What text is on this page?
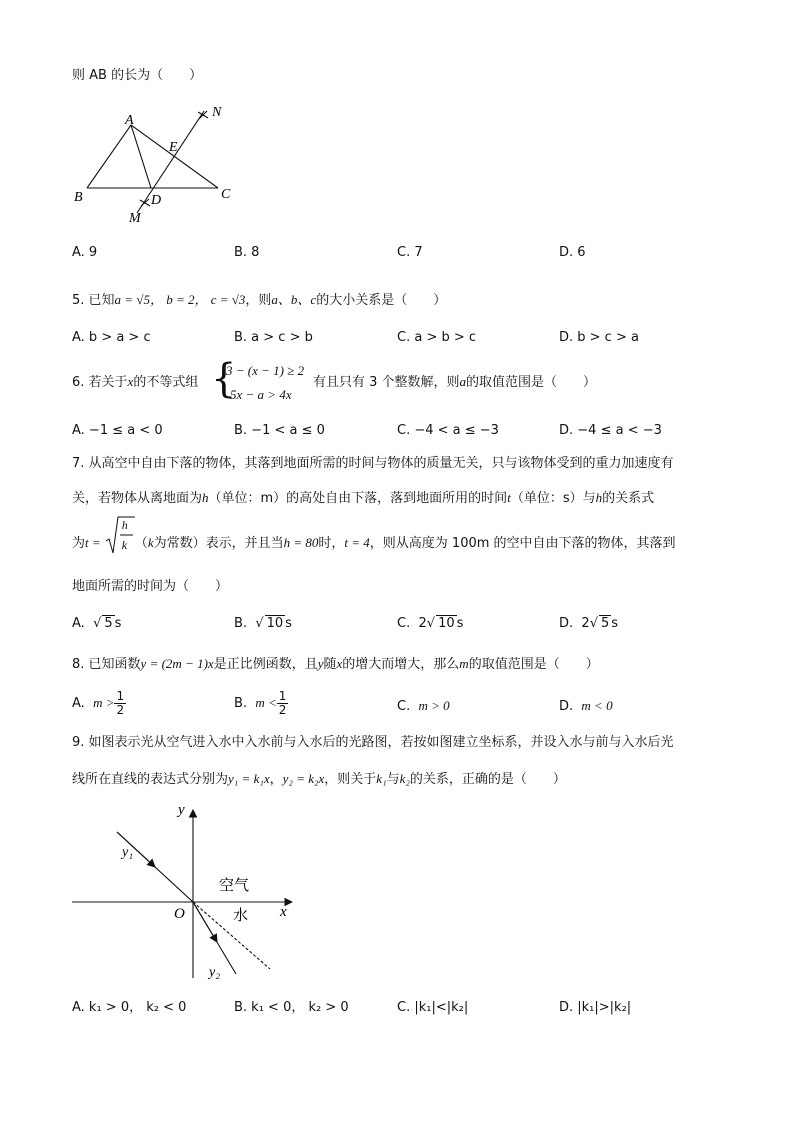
则 AB 的长为（　　）
A
B	C
D
E
M
N
A. 9	B. 8	C. 7	D. 6
5. 已知a = √5， b = 2， c = √3，则a、b、c的大小关系是（　　）
A. b > a > c	B. a > c > b	C. a > b > c	D. b > c > a
6. 若关于x的不等式组 {
3 − (x − 1) ≥ 2
5x − a > 4x
有且只有 3 个整数解，则a的取值范围是（　　）
A. −1 ≤ a < 0	B. −1 < a ≤ 0	C. −4 < a ≤ −3	D. −4 ≤ a < −3
7. 从高空中自由下落的物体，其落到地面所需的时间与物体的质量无关，只与该物体受到的重力加速度有
关，若物体从离地面为h（单位：m）的高处自由下落，落到地面所用的时间t（单位：s）与h的关系式
为t =
h
k （k为常数）表示，并且当h = 80时，t = 4，则从高度为 100m 的空中自由下落的物体，其落到
地面所需的时间为（　　）
A. √ 5 s	B. √ 10 s	C. 2√ 10 s	D. 2√ 5 s
8. 已知函数y = (2m − 1)x是正比例函数，且y随x的增大而增大，那么m的取值范围是（　　）
A. $m > \frac{1}{2}$	B. $m < \frac{1}{2}$	C. m > 0	D. m < 0
9. 如图表示光从空气进入水中入水前与入水后的光路图，若按如图建立坐标系，并设入水与前与入水后光
线所在直线的表达式分别为y₁ = k₁x，y₂ = k₂x，则关于k₁与k₂的关系，正确的是（　　）
y
x
O
y₁
y₂
空气
水
A. k₁ > 0， k₂ < 0	B. k₁ < 0， k₂ > 0	C. |k₁|<|k₂|	D. |k₁|>|k₂|
